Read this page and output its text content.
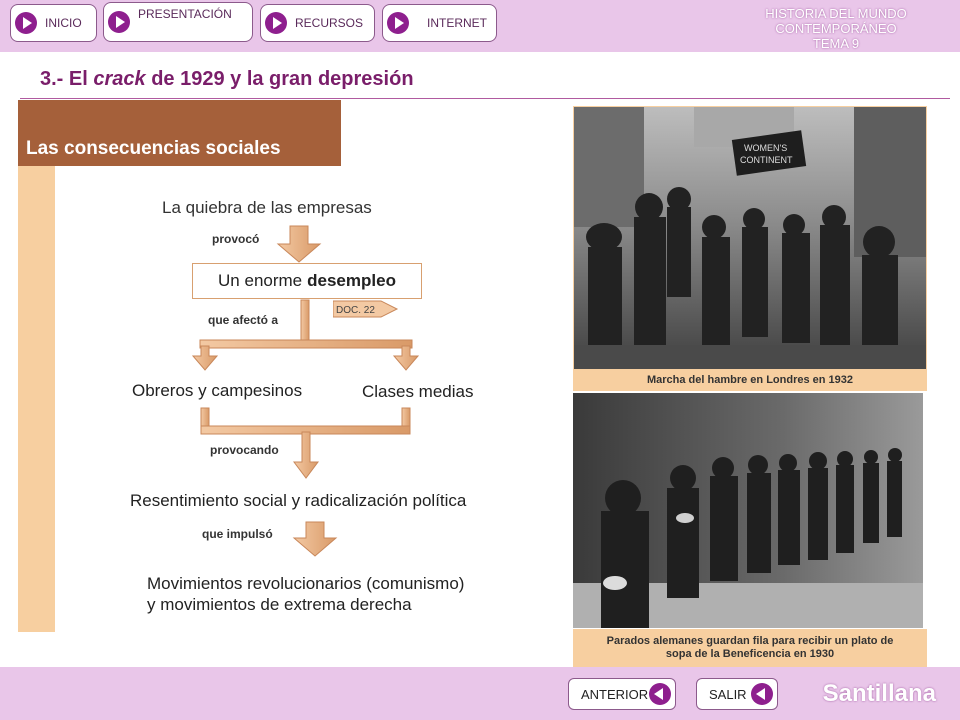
INICIO
PRESENTACIÓN
RECURSOS	INTERNET
HISTORIA DEL MUNDO CONTEMPORÁNEO
TEMA 9
3.- El crack de 1929 y la gran depresión
Las consecuencias sociales
La quiebra de las empresas
provocó
Un enorme desempleo
DOC. 22
que afectó a
Obreros y campesinos	Clases medias
provocando
Resentimiento social y radicalización política
que impulsó
Movimientos revolucionarios (comunismo)
y movimientos de extrema derecha
WOMEN'S
CONTINENT
Marcha del hambre en Londres en 1932
Parados alemanes guardan fila para recibir un plato de
sopa de la Beneficencia en 1930
ANTERIOR	SALIR	Santillana
